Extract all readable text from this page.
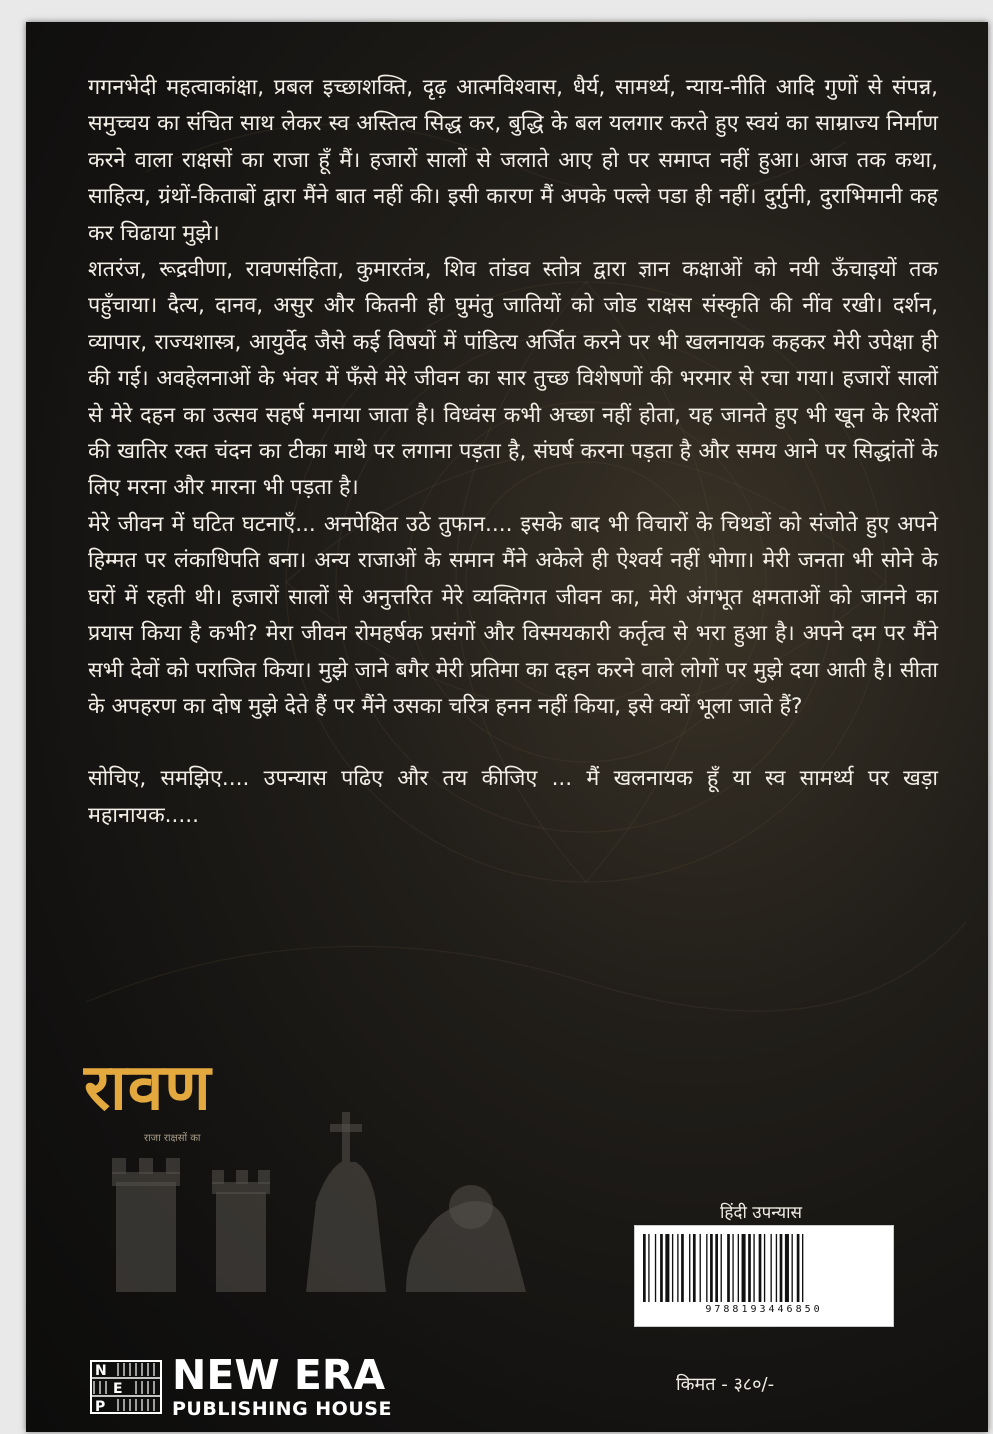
गगनभेदी महत्वाकांक्षा, प्रबल इच्छाशक्ति, दृढ़ आत्मविश्वास, धैर्य, सामर्थ्य, न्याय-नीति आदि गुणों से संपन्न, समुच्चय का संचित साथ लेकर स्व अस्तित्व सिद्ध कर, बुद्धि के बल यलगार करते हुए स्वयं का साम्राज्य निर्माण करने वाला राक्षसों का राजा हूँ मैं। हजारों सालों से जलाते आए हो पर समाप्त नहीं हुआ। आज तक कथा, साहित्य, ग्रंथों-किताबों द्वारा मैंने बात नहीं की। इसी कारण मैं अपके पल्ले पडा ही नहीं। दुर्गुनी, दुराभिमानी कह कर चिढाया मुझे।

शतरंज, रूद्रवीणा, रावणसंहिता, कुमारतंत्र, शिव तांडव स्तोत्र द्वारा ज्ञान कक्षाओं को नयी ऊँचाइयों तक पहुँचाया। दैत्य, दानव, असुर और कितनी ही घुमंतु जातियों को जोड राक्षस संस्कृति की नींव रखी। दर्शन, व्यापार, राज्यशास्त्र, आयुर्वेद जैसे कई विषयों में पांडित्य अर्जित करने पर भी खलनायक कहकर मेरी उपेक्षा ही की गई। अवहेलनाओं के भंवर में फँसे मेरे जीवन का सार तुच्छ विशेषणों की भरमार से रचा गया। हजारों सालों से मेरे दहन का उत्सव सहर्ष मनाया जाता है। विध्वंस कभी अच्छा नहीं होता, यह जानते हुए भी खून के रिश्तों की खातिर रक्त चंदन का टीका माथे पर लगाना पड़ता है, संघर्ष करना पड़ता है और समय आने पर सिद्धांतों के लिए मरना और मारना भी पड़ता है।

मेरे जीवन में घटित घटनाएँ... अनपेक्षित उठे तुफान.... इसके बाद भी विचारों के चिथडों को संजोते हुए अपने हिम्मत पर लंकाधिपति बना। अन्य राजाओं के समान मैंने अकेले ही ऐश्वर्य नहीं भोगा। मेरी जनता भी सोने के घरों में रहती थी। हजारों सालों से अनुत्तरित मेरे व्यक्तिगत जीवन का, मेरी अंगभूत क्षमताओं को जानने का प्रयास किया है कभी? मेरा जीवन रोमहर्षक प्रसंगों और विस्मयकारी कर्तृत्व से भरा हुआ है। अपने दम पर मैंने सभी देवों को पराजित किया। मुझे जाने बगैर मेरी प्रतिमा का दहन करने वाले लोगों पर मुझे दया आती है। सीता के अपहरण का दोष मुझे देते हैं पर मैंने उसका चरित्र हनन नहीं किया, इसे क्यों भूला जाते हैं?

सोचिए, समझिए.... उपन्यास पढिए और तय कीजिए ... मैं खलनायक हूँ या स्व सामर्थ्य पर खड़ा महानायक.....

रावण
राजा राक्षसों का
हिंदी उपन्यास
9788193446850
किमत - ३८०/-
N
E
P
NEW ERA
PUBLISHING HOUSE
